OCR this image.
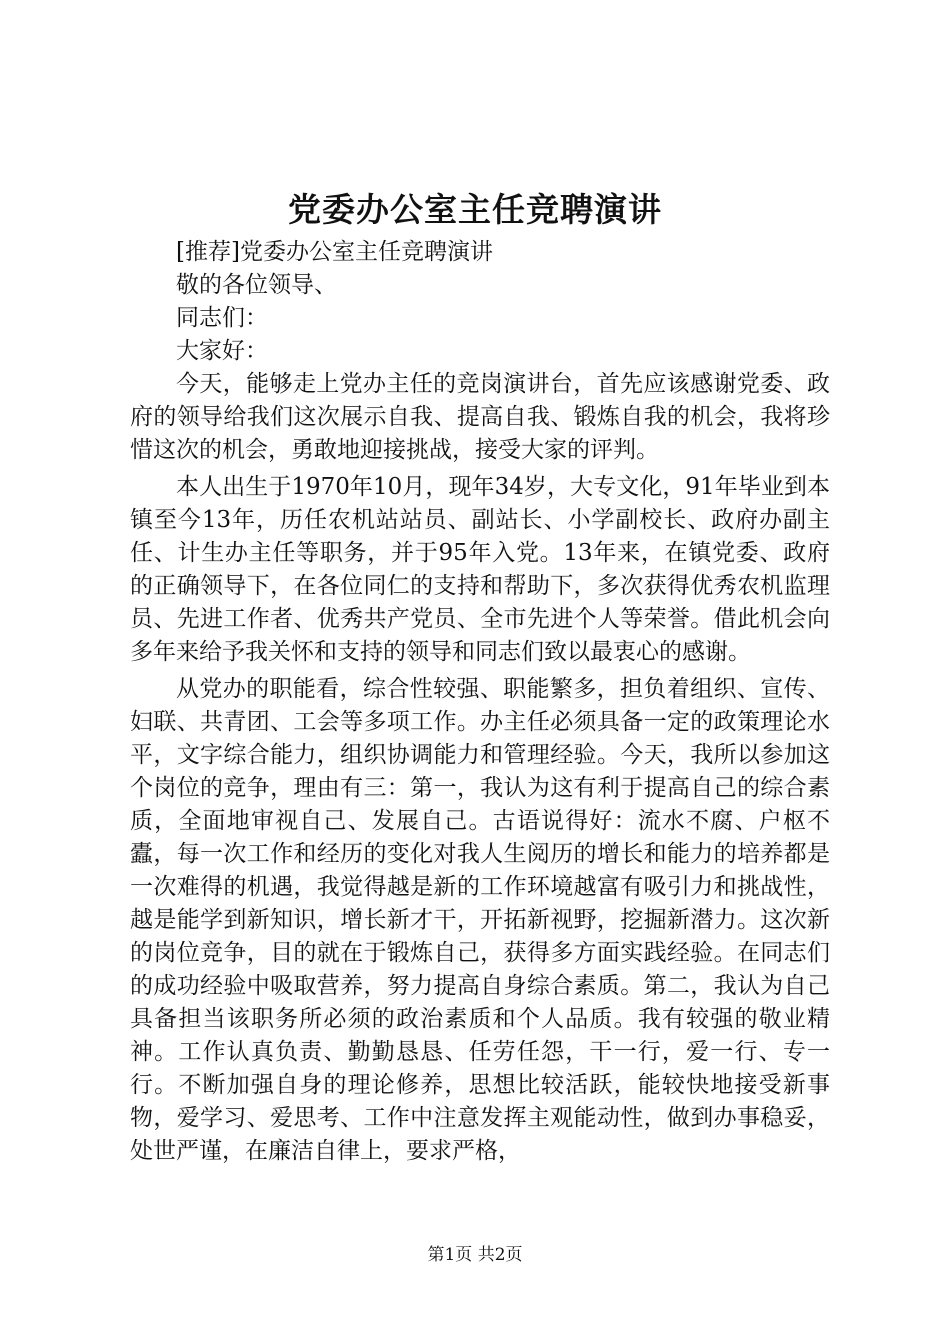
党委办公室主任竞聘演讲

[推荐]党委办公室主任竞聘演讲

敬的各位领导、

同志们：

大家好：

今天，能够走上党办主任的竞岗演讲台，首先应该感谢党委、政府的领导给我们这次展示自我、提高自我、锻炼自我的机会，我将珍惜这次的机会，勇敢地迎接挑战，接受大家的评判。

本人出生于1970年10月，现年34岁，大专文化，91年毕业到本镇至今13年，历任农机站站员、副站长、小学副校长、政府办副主任、计生办主任等职务，并于95年入党。13年来，在镇党委、政府的正确领导下，在各位同仁的支持和帮助下，多次获得优秀农机监理员、先进工作者、优秀共产党员、全市先进个人等荣誉。借此机会向多年来给予我关怀和支持的领导和同志们致以最衷心的感谢。

从党办的职能看，综合性较强、职能繁多，担负着组织、宣传、妇联、共青团、工会等多项工作。办主任必须具备一定的政策理论水平，文字综合能力，组织协调能力和管理经验。今天，我所以参加这个岗位的竞争，理由有三：第一，我认为这有利于提高自己的综合素质，全面地审视自己、发展自己。古语说得好：流水不腐、户枢不蠹，每一次工作和经历的变化对我人生阅历的增长和能力的培养都是一次难得的机遇，我觉得越是新的工作环境越富有吸引力和挑战性，越是能学到新知识，增长新才干，开拓新视野，挖掘新潜力。这次新的岗位竞争，目的就在于锻炼自己，获得多方面实践经验。在同志们的成功经验中吸取营养，努力提高自身综合素质。第二，我认为自己具备担当该职务所必须的政治素质和个人品质。我有较强的敬业精神。工作认真负责、勤勤恳恳、任劳任怨，干一行，爱一行、专一行。不断加强自身的理论修养，思想比较活跃，能较快地接受新事物，爱学习、爱思考、工作中注意发挥主观能动性，做到办事稳妥，处世严谨，在廉洁自律上，要求严格，

第1页 共2页
